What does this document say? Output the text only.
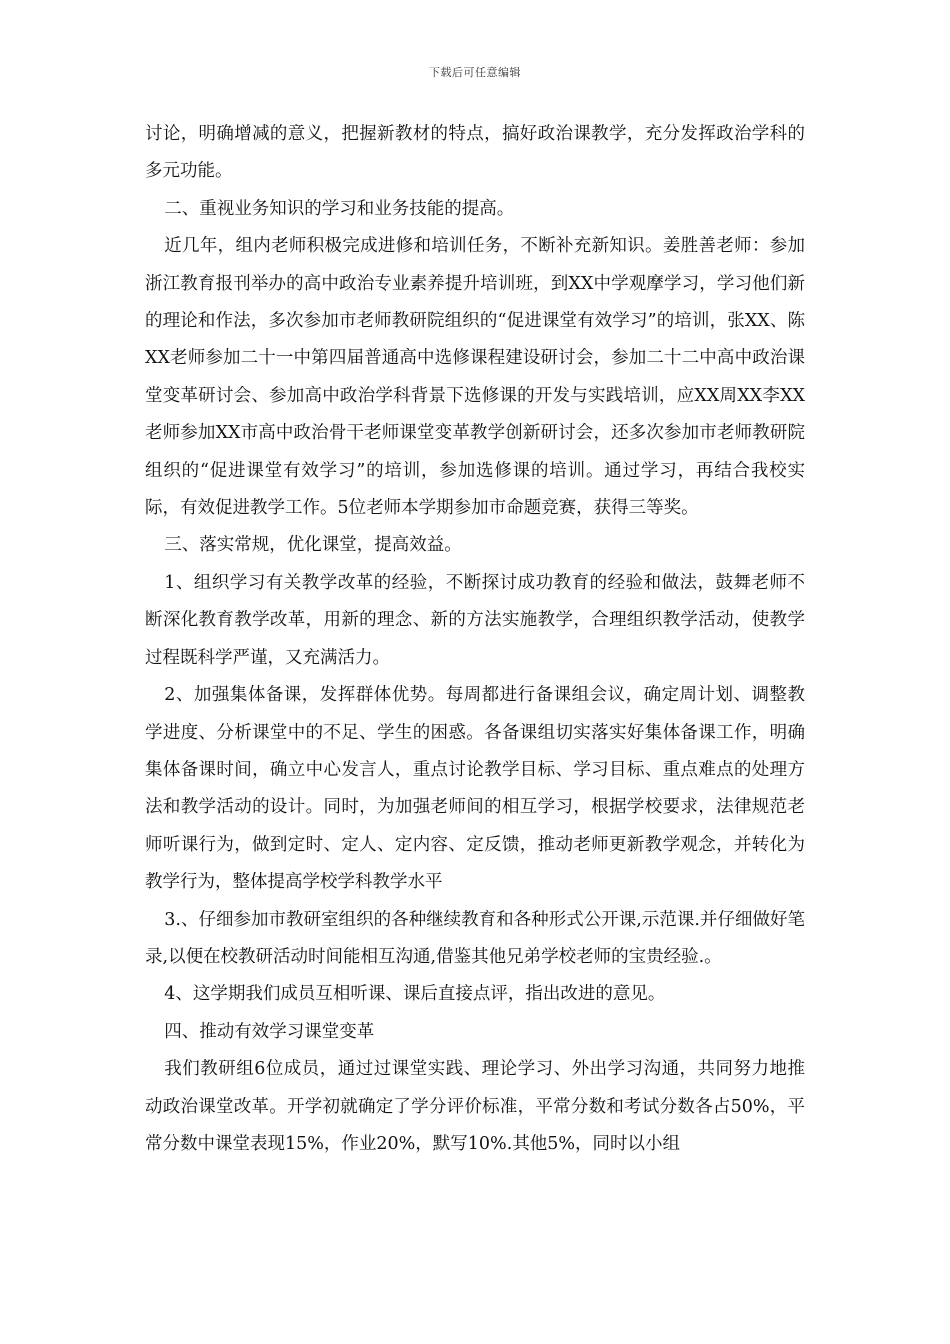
下载后可任意编辑

讨论，明确增减的意义，把握新教材的特点，搞好政治课教学，充分发挥政治学科的多元功能。

二、重视业务知识的学习和业务技能的提高。

近几年，组内老师积极完成进修和培训任务，不断补充新知识。姜胜善老师：参加浙江教育报刊举办的高中政治专业素养提升培训班，到XX中学观摩学习，学习他们新的理论和作法，多次参加市老师教研院组织的“促进课堂有效学习”的培训，张XX、陈XX老师参加二十一中第四届普通高中选修课程建设研讨会，参加二十二中高中政治课堂变革研讨会、参加高中政治学科背景下选修课的开发与实践培训，应XX周XX李XX老师参加XX市高中政治骨干老师课堂变革教学创新研讨会，还多次参加市老师教研院组织的“促进课堂有效学习”的培训，参加选修课的培训。通过学习，再结合我校实际，有效促进教学工作。5位老师本学期参加市命题竞赛，获得三等奖。

三、落实常规，优化课堂，提高效益。

1、组织学习有关教学改革的经验，不断探讨成功教育的经验和做法，鼓舞老师不断深化教育教学改革，用新的理念、新的方法实施教学，合理组织教学活动，使教学过程既科学严谨，又充满活力。

2、加强集体备课，发挥群体优势。每周都进行备课组会议，确定周计划、调整教学进度、分析课堂中的不足、学生的困惑。各备课组切实落实好集体备课工作，明确集体备课时间，确立中心发言人，重点讨论教学目标、学习目标、重点难点的处理方法和教学活动的设计。同时，为加强老师间的相互学习，根据学校要求，法律规范老师听课行为，做到定时、定人、定内容、定反馈，推动老师更新教学观念，并转化为教学行为，整体提高学校学科教学水平

3.、仔细参加市教研室组织的各种继续教育和各种形式公开课,示范课.并仔细做好笔录,以便在校教研活动时间能相互沟通,借鉴其他兄弟学校老师的宝贵经验.。

4、这学期我们成员互相听课、课后直接点评，指出改进的意见。

四、推动有效学习课堂变革

我们教研组6位成员，通过过课堂实践、理论学习、外出学习沟通，共同努力地推动政治课堂改革。开学初就确定了学分评价标准，平常分数和考试分数各占50%，平常分数中课堂表现15%，作业20%，默写10%.其他5%，同时以小组
